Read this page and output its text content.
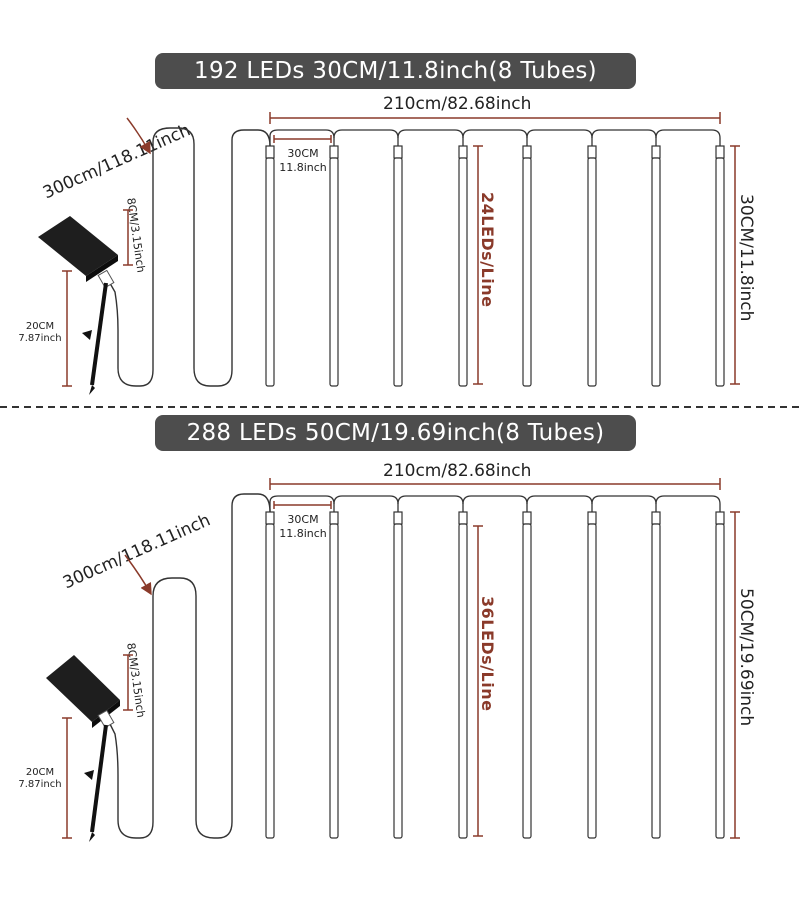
192 LEDs 30CM/11.8inch(8 Tubes)
210cm/82.68inch
300cm/118.11inch	30CM
11.8inch
8CM/3.15inch
20CM
7.87inch
24LEDs/Line	30CM/11.8inch
288 LEDs 50CM/19.69inch(8 Tubes)
210cm/82.68inch
300cm/118.11inch	30CM
11.8inch
8CM/3.15inch
20CM
7.87inch
36LEDs/Line	50CM/19.69inch
